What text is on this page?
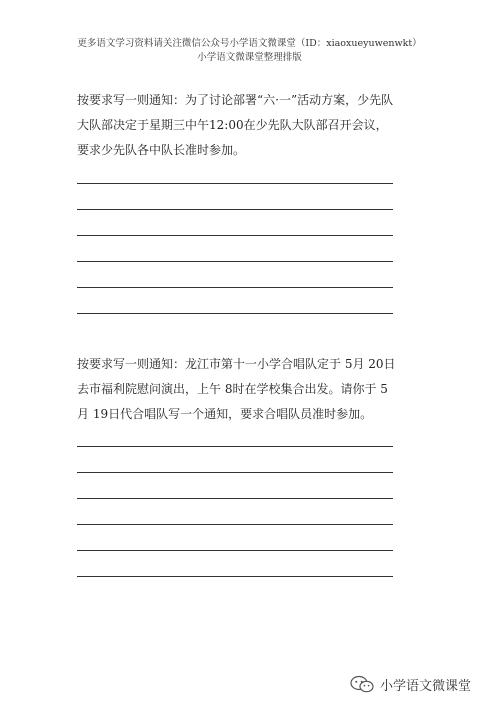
更多语文学习资料请关注微信公众号小学语文微课堂（ID：xiaoxueyuwenwkt）
小学语文微课堂整理排版
按要求写一则通知：为了讨论部署“六·一”活动方案，少先队大队部决定于星期三中午12:00在少先队大队部召开会议，要求少先队各中队长准时参加。
按要求写一则通知：龙江市第十一小学合唱队定于 5月 20日去市福利院慰问演出，上午 8时在学校集合出发。请你于 5月 19日代合唱队写一个通知，要求合唱队员准时参加。
小学语文微课堂
